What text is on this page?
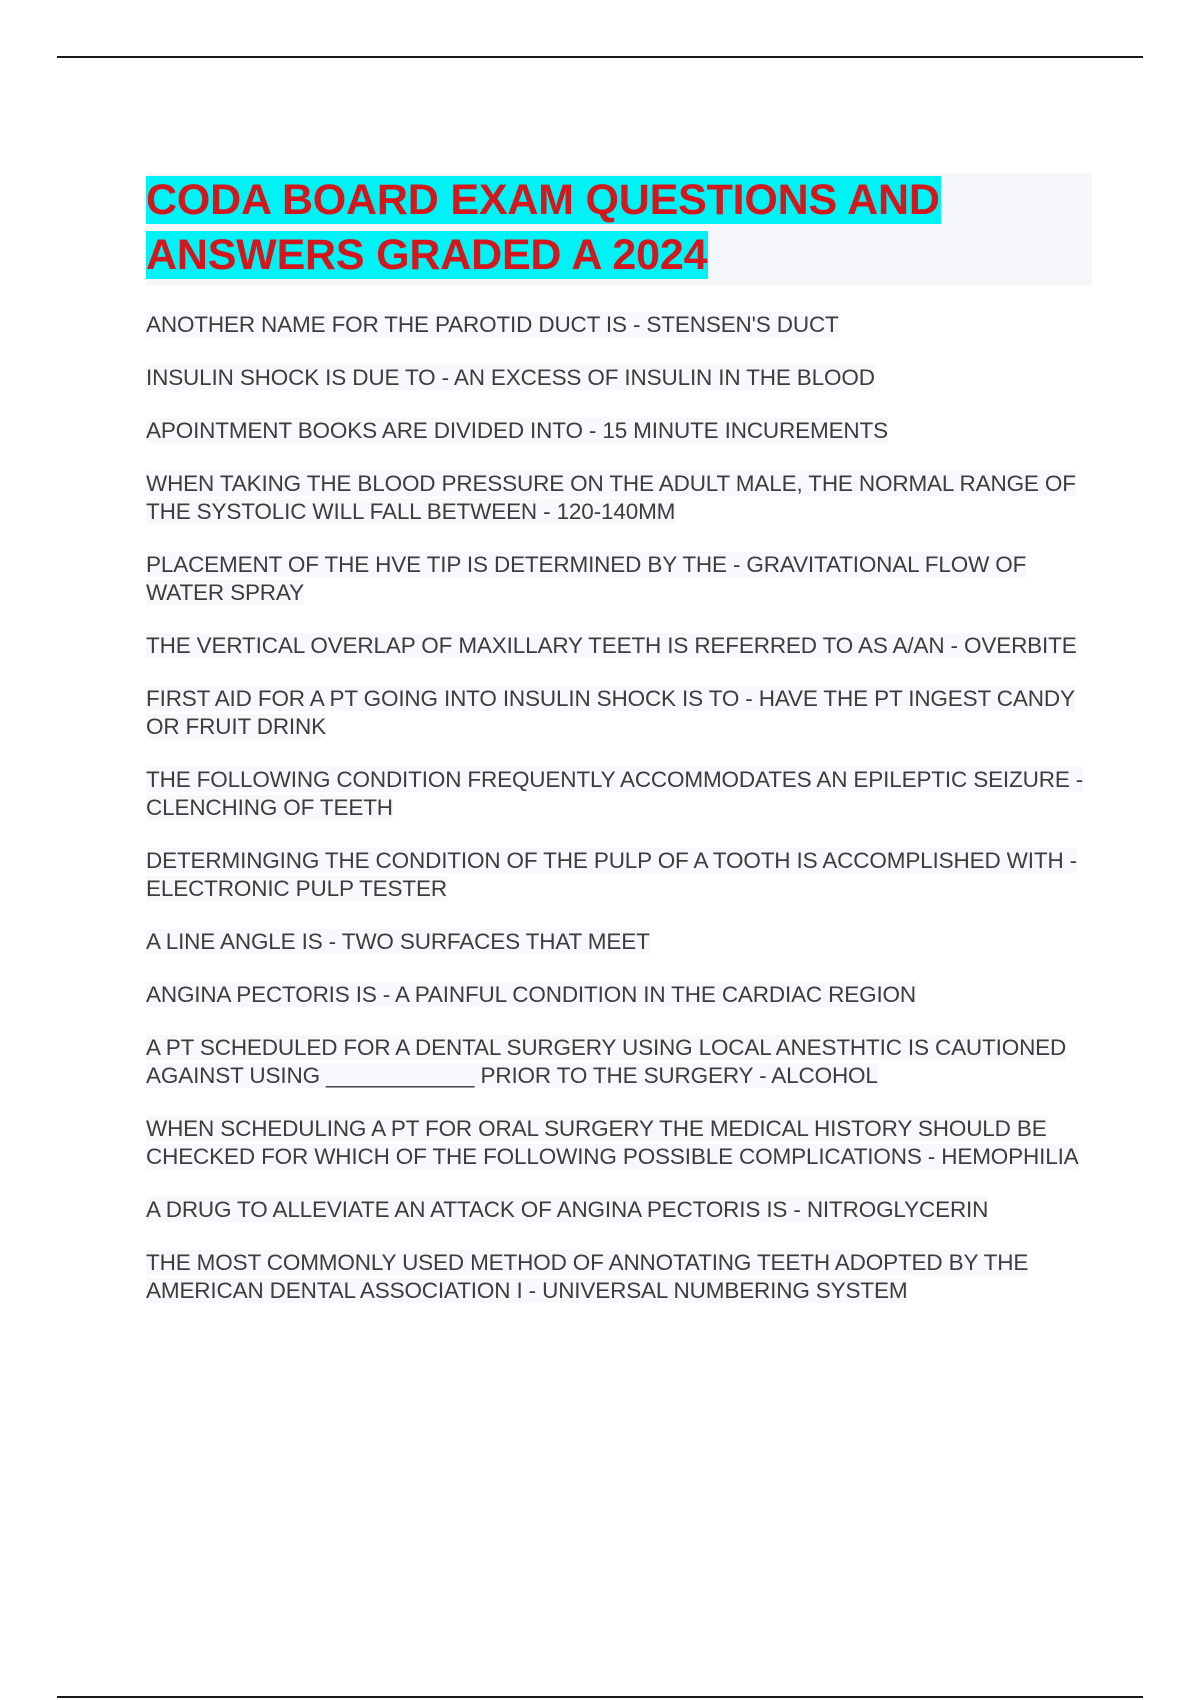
CODA BOARD EXAM QUESTIONS AND
ANSWERS GRADED A 2024
ANOTHER NAME FOR THE PAROTID DUCT IS - STENSEN'S DUCT
INSULIN SHOCK IS DUE TO - AN EXCESS OF INSULIN IN THE BLOOD
APOINTMENT BOOKS ARE DIVIDED INTO - 15 MINUTE INCUREMENTS
WHEN TAKING THE BLOOD PRESSURE ON THE ADULT MALE, THE NORMAL RANGE OF THE SYSTOLIC WILL FALL BETWEEN - 120-140MM
PLACEMENT OF THE HVE TIP IS DETERMINED BY THE - GRAVITATIONAL FLOW OF WATER SPRAY
THE VERTICAL OVERLAP OF MAXILLARY TEETH IS REFERRED TO AS A/AN - OVERBITE
FIRST AID FOR A PT GOING INTO INSULIN SHOCK IS TO - HAVE THE PT INGEST CANDY OR FRUIT DRINK
THE FOLLOWING CONDITION FREQUENTLY ACCOMMODATES AN EPILEPTIC SEIZURE - CLENCHING OF TEETH
DETERMINGING THE CONDITION OF THE PULP OF A TOOTH IS ACCOMPLISHED WITH - ELECTRONIC PULP TESTER
A LINE ANGLE IS - TWO SURFACES THAT MEET
ANGINA PECTORIS IS - A PAINFUL CONDITION IN THE CARDIAC REGION
A PT SCHEDULED FOR A DENTAL SURGERY USING LOCAL ANESTHTIC IS CAUTIONED AGAINST USING ____________ PRIOR TO THE SURGERY - ALCOHOL
WHEN SCHEDULING A PT FOR ORAL SURGERY THE MEDICAL HISTORY SHOULD BE CHECKED FOR WHICH OF THE FOLLOWING POSSIBLE COMPLICATIONS - HEMOPHILIA
A DRUG TO ALLEVIATE AN ATTACK OF ANGINA PECTORIS IS - NITROGLYCERIN
THE MOST COMMONLY USED METHOD OF ANNOTATING TEETH ADOPTED BY THE AMERICAN DENTAL ASSOCIATION I - UNIVERSAL NUMBERING SYSTEM
